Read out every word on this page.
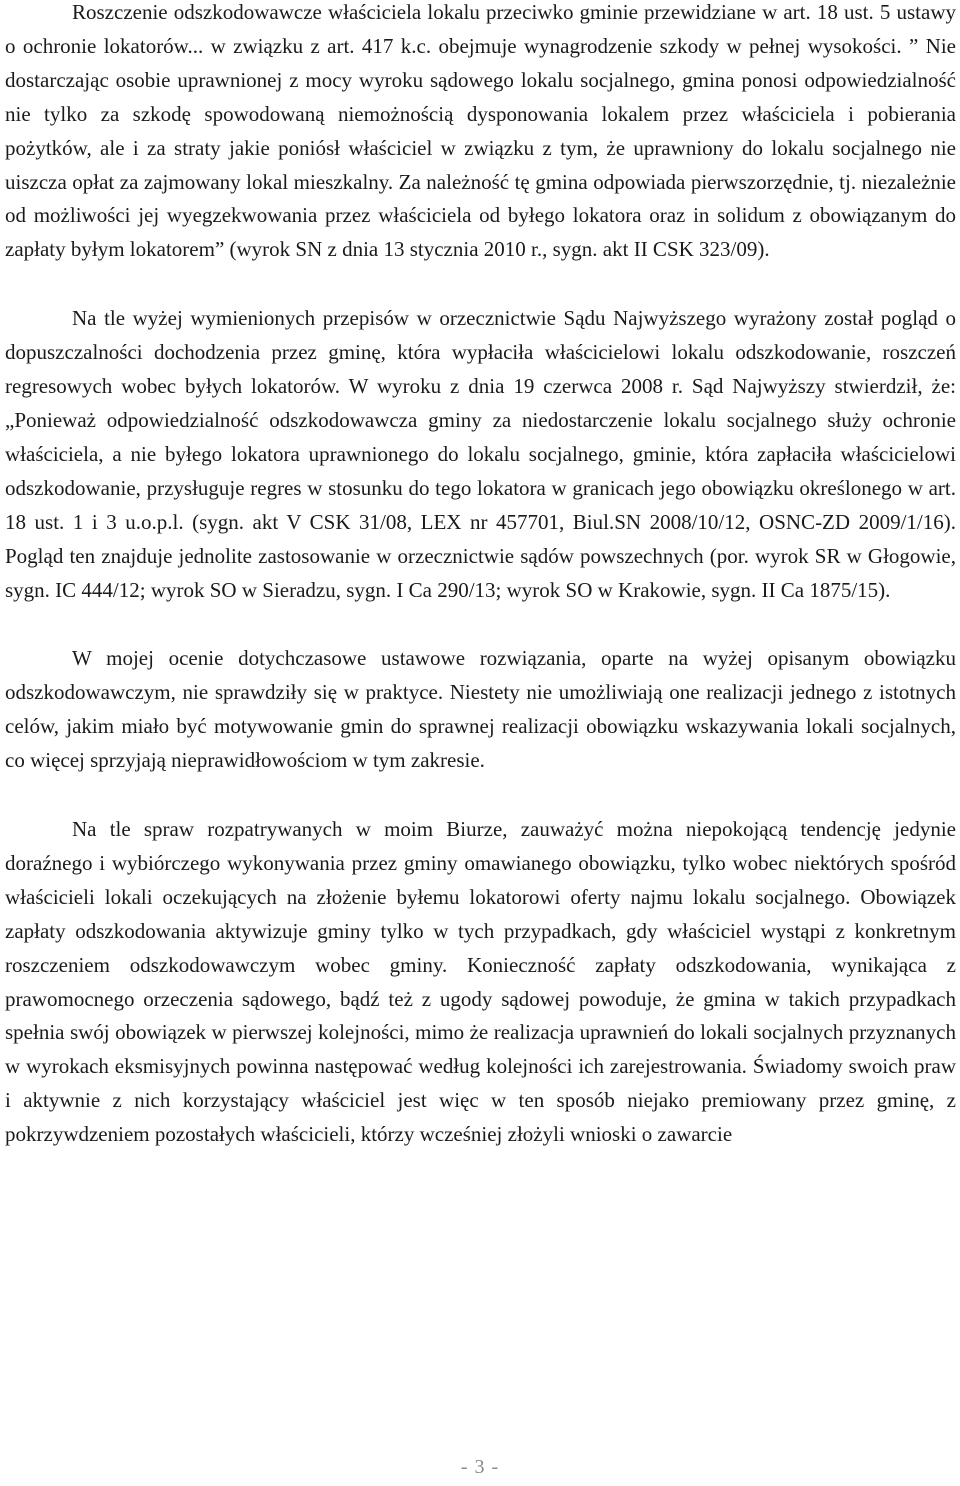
Roszczenie odszkodowawcze właściciela lokalu przeciwko gminie przewidziane w art. 18 ust. 5 ustawy o ochronie lokatorów... w związku z art. 417 k.c. obejmuje wynagrodzenie szkody w pełnej wysokości. ” Nie dostarczając osobie uprawnionej z mocy wyroku sądowego lokalu socjalnego, gmina ponosi odpowiedzialność nie tylko za szkodę spowodowaną niemożnością dysponowania lokalem przez właściciela i pobierania pożytków, ale i za straty jakie poniósł właściciel w związku z tym, że uprawniony do lokalu socjalnego nie uiszcza opłat za zajmowany lokal mieszkalny. Za należność tę gmina odpowiada pierwszorzędnie, tj. niezależnie od możliwości jej wyegzekwowania przez właściciela od byłego lokatora oraz in solidum z obowiązanym do zapłaty byłym lokatorem” (wyrok SN z dnia 13 stycznia 2010 r., sygn. akt II CSK 323/09).

Na tle wyżej wymienionych przepisów w orzecznictwie Sądu Najwyższego wyrażony został pogląd o dopuszczalności dochodzenia przez gminę, która wypłaciła właścicielowi lokalu odszkodowanie, roszczeń regresowych wobec byłych lokatorów. W wyroku z dnia 19 czerwca 2008 r. Sąd Najwyższy stwierdził, że: „Ponieważ odpowiedzialność odszkodowawcza gminy za niedostarczenie lokalu socjalnego służy ochronie właściciela, a nie byłego lokatora uprawnionego do lokalu socjalnego, gminie, która zapłaciła właścicielowi odszkodowanie, przysługuje regres w stosunku do tego lokatora w granicach jego obowiązku określonego w art. 18 ust. 1 i 3 u.o.p.l. (sygn. akt V CSK 31/08, LEX nr 457701, Biul.SN 2008/10/12, OSNC-ZD 2009/1/16). Pogląd ten znajduje jednolite zastosowanie w orzecznictwie sądów powszechnych (por. wyrok SR w Głogowie, sygn. IC 444/12; wyrok SO w Sieradzu, sygn. I Ca 290/13; wyrok SO w Krakowie, sygn. II Ca 1875/15).

W mojej ocenie dotychczasowe ustawowe rozwiązania, oparte na wyżej opisanym obowiązku odszkodowawczym, nie sprawdziły się w praktyce. Niestety nie umożliwiają one realizacji jednego z istotnych celów, jakim miało być motywowanie gmin do sprawnej realizacji obowiązku wskazywania lokali socjalnych, co więcej sprzyjają nieprawidłowościom w tym zakresie.

Na tle spraw rozpatrywanych w moim Biurze, zauważyć można niepokojącą tendencję jedynie doraźnego i wybiórczego wykonywania przez gminy omawianego obowiązku, tylko wobec niektórych spośród właścicieli lokali oczekujących na złożenie byłemu lokatorowi oferty najmu lokalu socjalnego. Obowiązek zapłaty odszkodowania aktywizuje gminy tylko w tych przypadkach, gdy właściciel wystąpi z konkretnym roszczeniem odszkodowawczym wobec gminy. Konieczność zapłaty odszkodowania, wynikająca z prawomocnego orzeczenia sądowego, bądź też z ugody sądowej powoduje, że gmina w takich przypadkach spełnia swój obowiązek w pierwszej kolejności, mimo że realizacja uprawnień do lokali socjalnych przyznanych w wyrokach eksmisyjnych powinna następować według kolejności ich zarejestrowania. Świadomy swoich praw i aktywnie z nich korzystający właściciel jest więc w ten sposób niejako premiowany przez gminę, z pokrzywdzeniem pozostałych właścicieli, którzy wcześniej złożyli wnioski o zawarcie

- 3 -
